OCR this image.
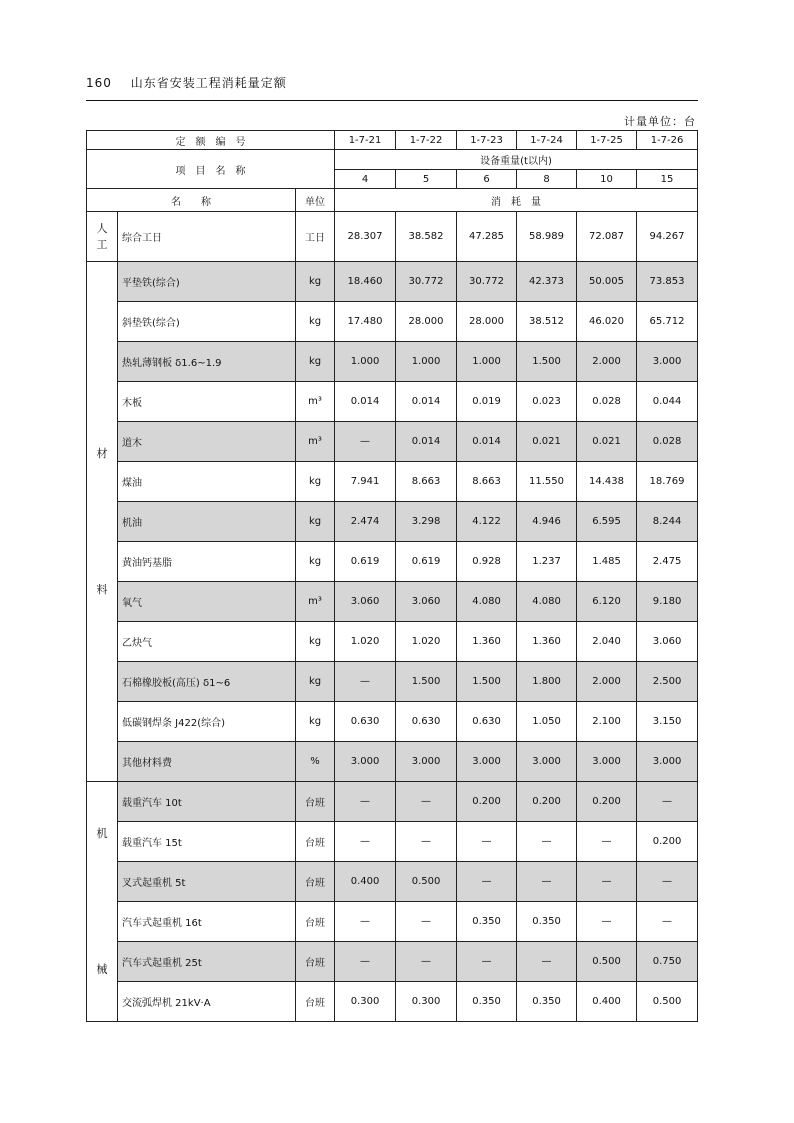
160 山东省安装工程消耗量定额
计量单位：台
定　额　编　号			1-7-21	1-7-22	1-7-23	1-7-24	1-7-25	1-7-26
项　目　名　称			设备重量(t以内)					
			4	5	6	8	10	15
名　　称		单位	消　耗　量					

人
工	综合工日	工日	28.307	38.582	47.285	58.989	72.087	94.267

材
料	平垫铁(综合)	kg	18.460	30.772	30.772	42.373	50.005	73.853
	斜垫铁(综合)	kg	17.480	28.000	28.000	38.512	46.020	65.712
	热轧薄钢板 δ1.6~1.9	kg	1.000	1.000	1.000	1.500	2.000	3.000
	木板	m³	0.014	0.014	0.019	0.023	0.028	0.044
	道木	m³	—	0.014	0.014	0.021	0.021	0.028
	煤油	kg	7.941	8.663	8.663	11.550	14.438	18.769
	机油	kg	2.474	3.298	4.122	4.946	6.595	8.244
	黄油钙基脂	kg	0.619	0.619	0.928	1.237	1.485	2.475
	氧气	m³	3.060	3.060	4.080	4.080	6.120	9.180
	乙炔气	kg	1.020	1.020	1.360	1.360	2.040	3.060
	石棉橡胶板(高压) δ1~6	kg	—	1.500	1.500	1.800	2.000	2.500
	低碳钢焊条 J422(综合)	kg	0.630	0.630	0.630	1.050	2.100	3.150
	其他材料费	%	3.000	3.000	3.000	3.000	3.000	3.000

机
械	载重汽车 10t	台班	—	—	0.200	0.200	0.200	—
	载重汽车 15t	台班	—	—	—	—	—	0.200
	叉式起重机 5t	台班	0.400	0.500	—	—	—	—
	汽车式起重机 16t	台班	—	—	0.350	0.350	—	—
	汽车式起重机 25t	台班	—	—	—	—	0.500	0.750
	交流弧焊机 21kV·A	台班	0.300	0.300	0.350	0.350	0.400	0.500
